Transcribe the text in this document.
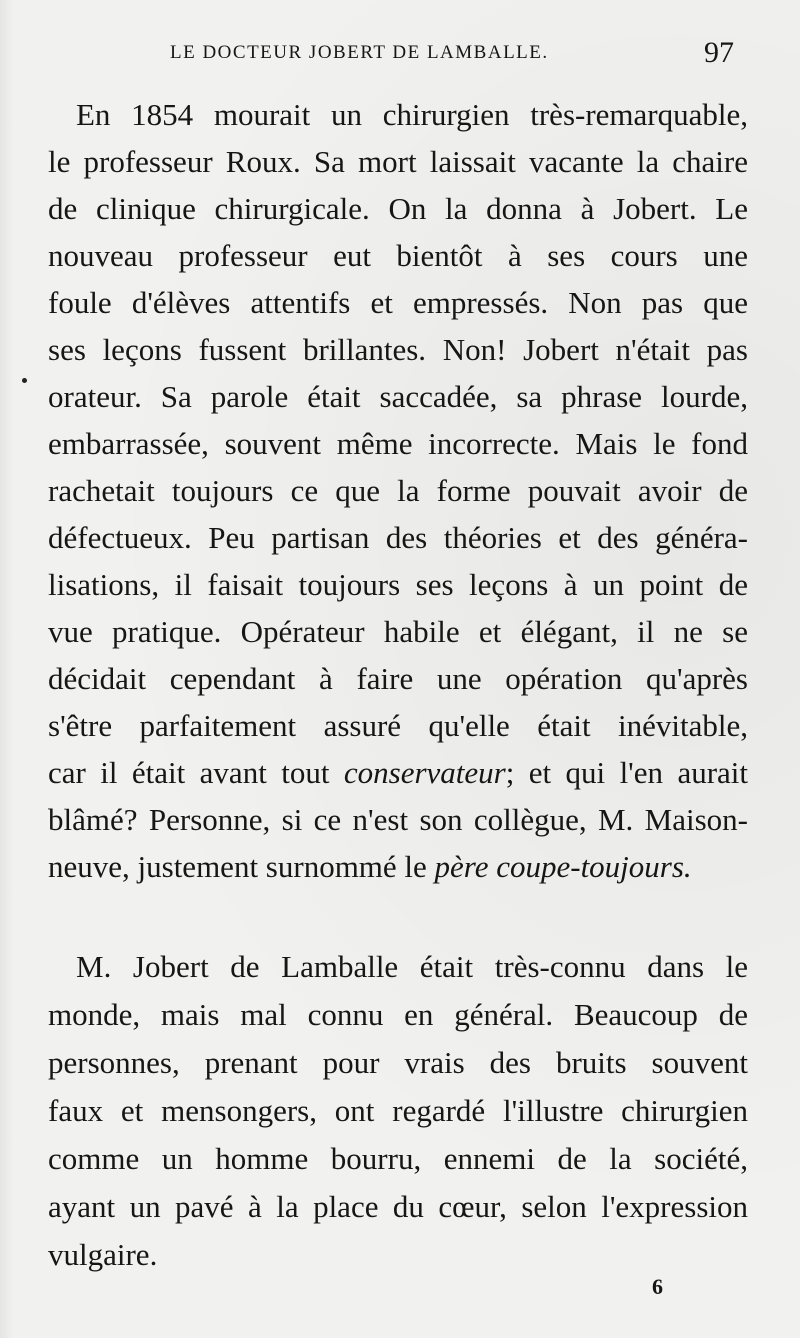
LE DOCTEUR JOBERT DE LAMBALLE.	97
En 1854 mourait un chirurgien très-remarquable,
le professeur Roux. Sa mort laissait vacante la chaire
de clinique chirurgicale. On la donna à Jobert. Le
nouveau professeur eut bientôt à ses cours une
foule d'élèves attentifs et empressés. Non pas que
ses leçons fussent brillantes. Non! Jobert n'était pas
orateur. Sa parole était saccadée, sa phrase lourde,
embarrassée, souvent même incorrecte. Mais le fond
rachetait toujours ce que la forme pouvait avoir de
défectueux. Peu partisan des théories et des généra-
lisations, il faisait toujours ses leçons à un point de
vue pratique. Opérateur habile et élégant, il ne se
décidait cependant à faire une opération qu'après
s'être parfaitement assuré qu'elle était inévitable,
car il était avant tout conservateur; et qui l'en aurait
blâmé? Personne, si ce n'est son collègue, M. Maison-
neuve, justement surnommé le père coupe-toujours.
M. Jobert de Lamballe était très-connu dans le
monde, mais mal connu en général. Beaucoup de
personnes, prenant pour vrais des bruits souvent
faux et mensongers, ont regardé l'illustre chirurgien
comme un homme bourru, ennemi de la société,
ayant un pavé à la place du cœur, selon l'expression
vulgaire.
6
